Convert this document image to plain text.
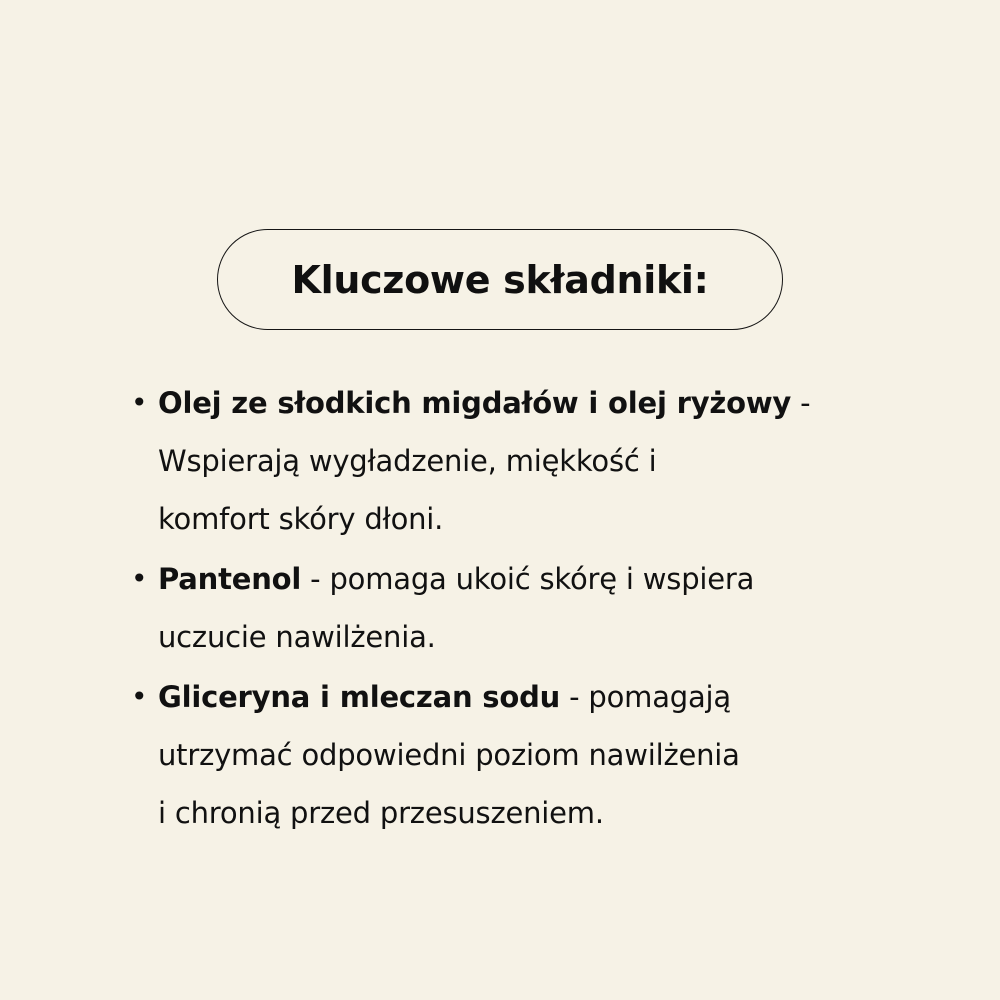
Kluczowe składniki:
• Olej ze słodkich migdałów i olej ryżowy -
Wspierają wygładzenie, miękkość i
komfort skóry dłoni.
• Pantenol - pomaga ukoić skórę i wspiera
uczucie nawilżenia.
• Gliceryna i mleczan sodu - pomagają
utrzymać odpowiedni poziom nawilżenia
i chronią przed przesuszeniem.
